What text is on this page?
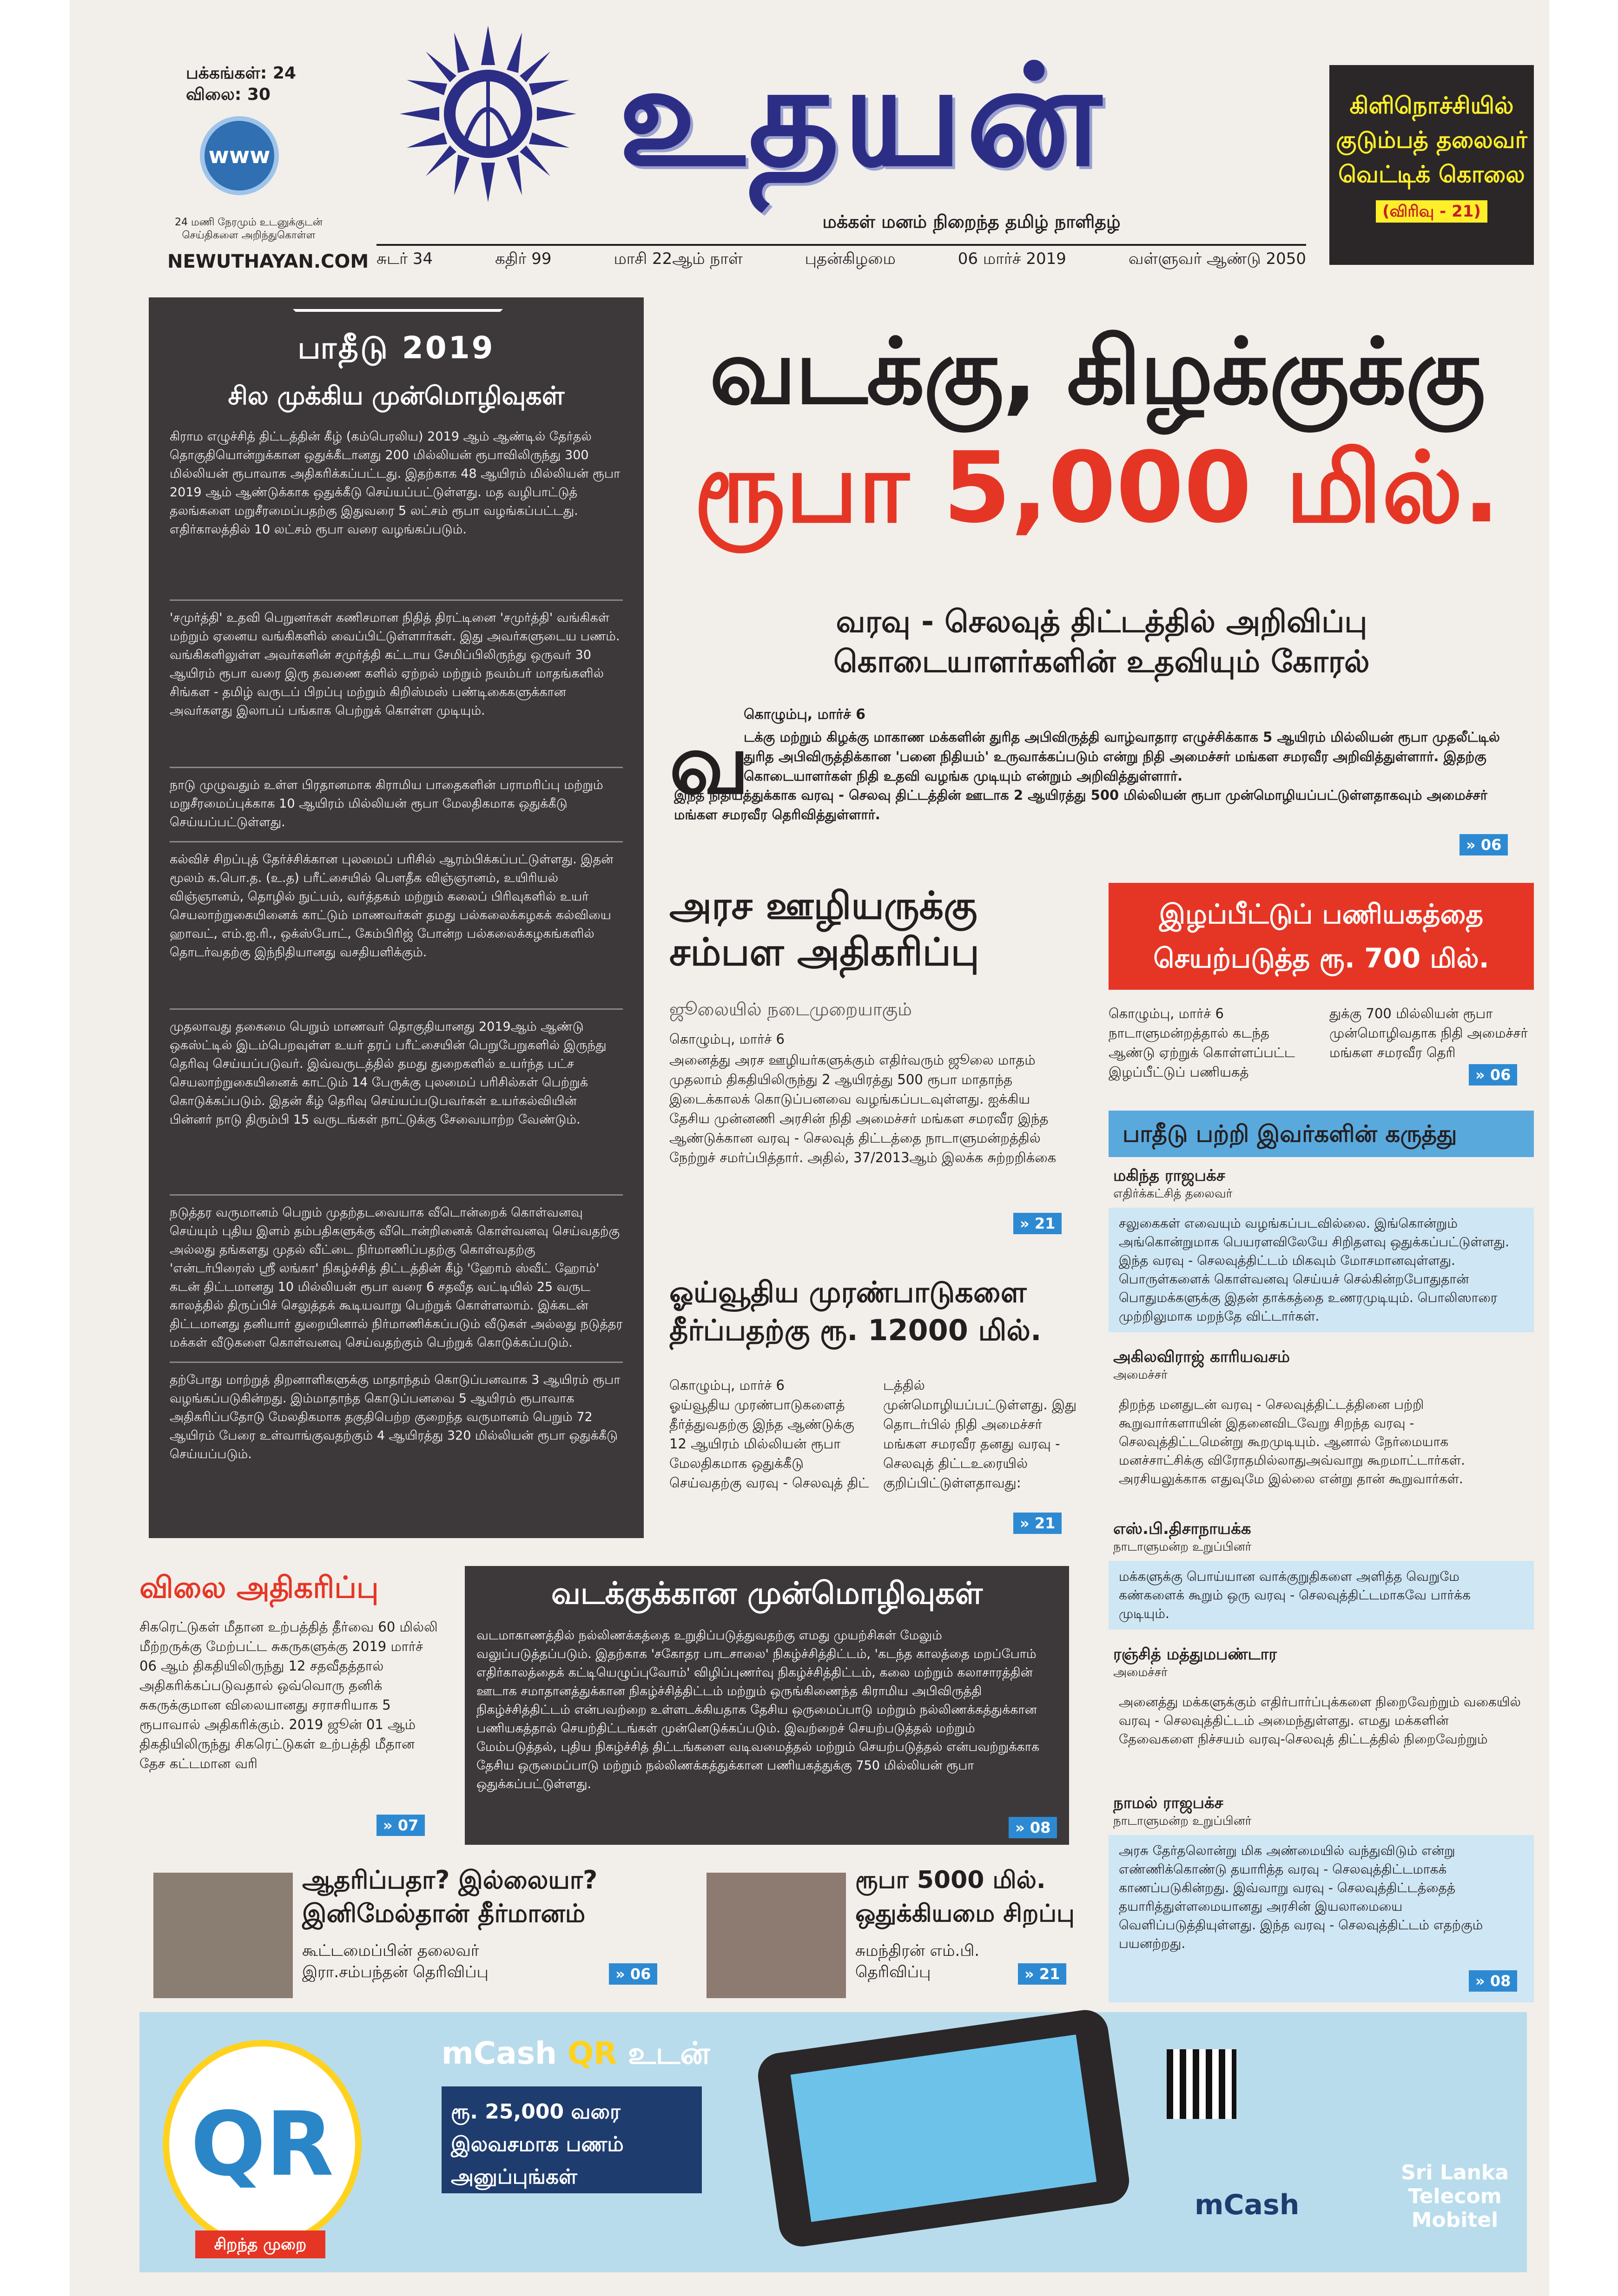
பக்கங்கள்: 24
விலை: 30
www
24 மணி நேரமும் உடனுக்குடன் செய்திகளை அறிந்துகொள்ள
NEWUTHAYAN.COM
உதயன்
மக்கள் மனம் நிறைந்த தமிழ் நாளிதழ்
சுடர் 34	கதிர் 99	மாசி 22ஆம் நாள்	புதன்கிழமை	06 மார்ச் 2019	வள்ளுவர் ஆண்டு 2050
கிளிநொச்சியில்
குடும்பத் தலைவர்
வெட்டிக் கொலை
(விரிவு - 21)
பாதீடு 2019
சில முக்கிய முன்மொழிவுகள்

கிராம எழுச்சித் திட்டத்தின் கீழ் (கம்பெரலிய) 2019 ஆம் ஆண்டில் தேர்தல் தொகுதியொன்றுக்கான ஒதுக்கீடானது 200 மில்லியன் ரூபாவிலிருந்து 300 மில்லியன் ரூபாவாக அதிகரிக்கப்பட்டது. இதற்காக 48 ஆயிரம் மில்லியன் ரூபா 2019 ஆம் ஆண்டுக்காக ஒதுக்கீடு செய்யப்பட்டுள்ளது. மத வழிபாட்டுத் தலங்களை மறுசீரமைப்பதற்கு இதுவரை 5 லட்சம் ரூபா வழங்கப்பட்டது. எதிர்காலத்தில் 10 லட்சம் ரூபா வரை வழங்கப்படும்.

'சமுர்த்தி' உதவி பெறுனர்கள் கணிசமான நிதித் திரட்டினை 'சமுர்த்தி' வங்கிகள் மற்றும் ஏனைய வங்கிகளில் வைப்பிட்டுள்ளார்கள். இது அவர்களுடைய பணம். வங்கிகளிலுள்ள அவர்களின் சமுர்த்தி கட்டாய சேமிப்பிலிருந்து ஒருவர் 30 ஆயிரம் ரூபா வரை இரு தவணை களில் ஏற்றல் மற்றும் நவம்பர் மாதங்களில் சிங்கள - தமிழ் வருடப் பிறப்பு மற்றும் கிறிஸ்மஸ் பண்டிகைகளுக்கான அவர்களது இலாபப் பங்காக பெற்றுக் கொள்ள முடியும்.

நாடு முழுவதும் உள்ள பிரதானமாக கிராமிய பாதைகளின் பராமரிப்பு மற்றும் மறுசீரமைப்புக்காக 10 ஆயிரம் மில்லியன் ரூபா மேலதிகமாக ஒதுக்கீடு செய்யப்பட்டுள்ளது.

கல்விச் சிறப்புத் தேர்ச்சிக்கான புலமைப் பரிசில் ஆரம்பிக்கப்பட்டுள்ளது. இதன் மூலம் க.பொ.த. (உ.த) பரீட்சையில் பௌதீக விஞ்ஞானம், உயிரியல் விஞ்ஞானம், தொழில் நுட்பம், வர்த்தகம் மற்றும் கலைப் பிரிவுகளில் உயர் செயலாற்றுகையினைக் காட்டும் மாணவர்கள் தமது பல்கலைக்கழகக் கல்வியை ஹாவட், எம்.ஐ.ரி., ஒக்ஸ்போட், கேம்பிரிஜ் போன்ற பல்கலைக்கழகங்களில் தொடர்வதற்கு இந்நிதியானது வசதியளிக்கும்.

முதலாவது தகைமை பெறும் மாணவர் தொகுதியானது 2019ஆம் ஆண்டு ஒகஸ்ட்டில் இடம்பெறவுள்ள உயர் தரப் பரீட்சையின் பெறுபேறுகளில் இருந்து தெரிவு செய்யப்படுவர். இவ்வருடத்தில் தமது துறைகளில் உயர்ந்த பட்ச செயலாற்றுகையினைக் காட்டும் 14 பேருக்கு புலமைப் பரிசில்கள் பெற்றுக் கொடுக்கப்படும். இதன் கீழ் தெரிவு செய்யப்படுபவர்கள் உயர்கல்வியின் பின்னர் நாடு திரும்பி 15 வருடங்கள் நாட்டுக்கு சேவையாற்ற வேண்டும்.

நடுத்தர வருமானம் பெறும் முதற்தடவையாக வீடொன்றைக் கொள்வனவு செய்யும் புதிய இளம் தம்பதிகளுக்கு வீடொன்றினைக் கொள்வனவு செய்வதற்கு அல்லது தங்களது முதல் வீட்டை நிர்மாணிப்பதற்கு கொள்வதற்கு 'என்டர்பிரைஸ் ஸ்ரீ லங்கா' நிகழ்ச்சித் திட்டத்தின் கீழ் 'ஹோம் ஸ்வீட் ஹோம்' கடன் திட்டமானது 10 மில்லியன் ரூபா வரை 6 சதவீத வட்டியில் 25 வருட காலத்தில் திருப்பிச் செலுத்தக் கூடியவாறு பெற்றுக் கொள்ளலாம். இக்கடன் திட்டமானது தனியார் துறையினால் நிர்மாணிக்கப்படும் வீடுகள் அல்லது நடுத்தர மக்கள் வீடுகளை கொள்வனவு செய்வதற்கும் பெற்றுக் கொடுக்கப்படும்.

தற்போது மாற்றுத் திறனாளிகளுக்கு மாதாந்தம் கொடுப்பனவாக 3 ஆயிரம் ரூபா வழங்கப்படுகின்றது. இம்மாதாந்த கொடுப்பனவை 5 ஆயிரம் ரூபாவாக அதிகரிப்பதோடு மேலதிகமாக தகுதிபெற்ற குறைந்த வருமானம் பெறும் 72 ஆயிரம் பேரை உள்வாங்குவதற்கும் 4 ஆயிரத்து 320 மில்லியன் ரூபா ஒதுக்கீடு செய்யப்படும்.

வடக்கு, கிழக்குக்கு
ரூபா 5,000 மில்.
வரவு - செலவுத் திட்டத்தில் அறிவிப்பு
கொடையாளர்களின் உதவியும் கோரல்
கொழும்பு, மார்ச் 6
வ
டக்கு மற்றும் கிழக்கு மாகாண மக்களின் துரித அபிவிருத்தி வாழ்வாதார எழுச்சிக்காக 5 ஆயிரம் மில்லியன் ரூபா முதலீட்டில் துரித அபிவிருத்திக்கான 'பனை நிதியம்' உருவாக்கப்படும் என்று நிதி அமைச்சர் மங்கள சமரவீர அறிவித்துள்ளார். இதற்கு கொடையாளர்கள் நிதி உதவி வழங்க முடியும் என்றும் அறிவித்துள்ளார்.
இந்த நிதியத்துக்காக வரவு - செலவு திட்டத்தின் ஊடாக 2 ஆயிரத்து 500 மில்லியன் ரூபா முன்மொழியப்பட்டுள்ளதாகவும் அமைச்சர் மங்கள சமரவீர தெரிவித்துள்ளார்.
» 06
அரச ஊழியருக்கு
சம்பள அதிகரிப்பு
ஜூலையில் நடைமுறையாகும்
கொழும்பு, மார்ச் 6
அனைத்து அரச ஊழியர்களுக்கும் எதிர்வரும் ஜூலை மாதம் முதலாம் திகதியிலிருந்து 2 ஆயிரத்து 500 ரூபா மாதாந்த இடைக்காலக் கொடுப்பனவை வழங்கப்படவுள்ளது. ஐக்கிய தேசிய முன்னணி அரசின் நிதி அமைச்சர் மங்கள சமரவீர இந்த ஆண்டுக்கான வரவு - செலவுத் திட்டத்தை நாடாளுமன்றத்தில் நேற்றுச் சமர்ப்பித்தார். அதில், 37/2013ஆம் இலக்க சுற்றறிக்கை
» 21
ஓய்வூதிய முரண்பாடுகளை
தீர்ப்பதற்கு ரூ. 12000 மில்.
கொழும்பு, மார்ச் 6
ஓய்வூதிய முரண்பாடுகளைத் தீர்த்துவதற்கு இந்த ஆண்டுக்கு 12 ஆயிரம் மில்லியன் ரூபா மேலதிகமாக ஒதுக்கீடு செய்வதற்கு வரவு - செலவுத் திட்
டத்தில் முன்மொழியப்பட்டுள்ளது. இது தொடர்பில் நிதி அமைச்சர் மங்கள சமரவீர தனது வரவு - செலவுத் திட்டஉரையில் குறிப்பிட்டுள்ளதாவது:
» 21
இழப்பீட்டுப் பணியகத்தை
செயற்படுத்த ரூ. 700 மில்.
கொழும்பு, மார்ச் 6 நாடாளுமன்றத்தால் கடந்த ஆண்டு ஏற்றுக் கொள்ளப்பட்ட இழப்பீட்டுப் பணியகத்
துக்கு 700 மில்லியன் ரூபா முன்மொழிவதாக நிதி அமைச்சர் மங்கள சமரவீர தெரி
» 06
பாதீடு பற்றி இவர்களின் கருத்து
மகிந்த ராஜபக்ச
எதிர்க்கட்சித் தலைவர்
சலுகைகள் எவையும் வழங்கப்படவில்லை. இங்கொன்றும் அங்கொன்றுமாக பெயரளவிலேயே சிறிதளவு ஒதுக்கப்பட்டுள்ளது. இந்த வரவு - செலவுத்திட்டம் மிகவும் மோசமானவுள்ளது. பொருள்களைக் கொள்வனவு செய்யச் செல்கின்றபோதுதான் பொதுமக்களுக்கு இதன் தாக்கத்தை உணரமுடியும். பொலிஸாரை முற்றிலுமாக மறந்தே விட்டார்கள்.
அகிலவிராஜ் காரியவசம்
அமைச்சர்
திறந்த மனதுடன் வரவு - செலவுத்திட்டத்தினை பற்றி கூறுவார்களாயின் இதனைவிடவேறு சிறந்த வரவு - செலவுத்திட்டமென்று கூறமுடியும். ஆனால் நேர்மையாக மனச்சாட்சிக்கு விரோதமில்லாதுஅவ்வாறு கூறமாட்டார்கள். அரசியலுக்காக எதுவுமே இல்லை என்று தான் கூறுவார்கள்.
எஸ்.பி.திசாநாயக்க
நாடாளுமன்ற உறுப்பினர்
மக்களுக்கு பொய்யான வாக்குறுதிகளை அளித்த வெறுமே கண்களைக் கூறும் ஒரு வரவு - செலவுத்திட்டமாகவே பார்க்க முடியும்.
ரஞ்சித் மத்துமபண்டார
அமைச்சர்
அனைத்து மக்களுக்கும் எதிர்பார்ப்புக்களை நிறைவேற்றும் வகையில் வரவு - செலவுத்திட்டம் அமைந்துள்ளது. எமது மக்களின் தேவைகளை நிச்சயம் வரவு-செலவுத் திட்டத்தில் நிறைவேற்றும்
நாமல் ராஜபக்ச
நாடாளுமன்ற உறுப்பினர்
அரசு தேர்தலொன்று மிக அண்மையில் வந்துவிடும் என்று எண்ணிக்கொண்டு தயாரித்த வரவு - செலவுத்திட்டமாகக் காணப்படுகின்றது. இவ்வாறு வரவு - செலவுத்திட்டத்தைத் தயாரித்துள்ளமையானது அரசின் இயலாமையை வெளிப்படுத்தியுள்ளது. இந்த வரவு - செலவுத்திட்டம் எதற்கும் பயனற்றது.
» 08
விலை அதிகரிப்பு
சிகரெட்டுகள் மீதான உற்பத்தித் தீர்வை 60 மில்லி மீற்றருக்கு மேற்பட்ட சுகருகளுக்கு 2019 மார்ச் 06 ஆம் திகதியிலிருந்து 12 சதவீதத்தால் அதிகரிக்கப்படுவதால் ஒவ்வொரு தனிக் சுகருக்குமான விலையானது சராசரியாக 5 ரூபாவால் அதிகரிக்கும். 2019 ஜூன் 01 ஆம் திகதியிலிருந்து சிகரெட்டுகள் உற்பத்தி மீதான தேச கட்டமான வரி
» 07
வடக்குக்கான முன்மொழிவுகள்
வடமாகாணத்தில் நல்லிணக்கத்தை உறுதிப்படுத்துவதற்கு எமது முயற்சிகள் மேலும் வலுப்படுத்தப்படும். இதற்காக 'சகோதர பாடசாலை' நிகழ்ச்சித்திட்டம், 'கடந்த காலத்தை மறப்போம் எதிர்காலத்தைக் கட்டியெழுப்புவோம்' விழிப்புணர்வு நிகழ்ச்சித்திட்டம், கலை மற்றும் கலாசாரத்தின் ஊடாக சமாதானத்துக்கான நிகழ்ச்சித்திட்டம் மற்றும் ஒருங்கிணைந்த கிராமிய அபிவிருத்தி நிகழ்ச்சித்திட்டம் என்பவற்றை உள்ளடக்கியதாக தேசிய ஒருமைப்பாடு மற்றும் நல்லிணக்கத்துக்கான பணியகத்தால் செயற்திட்டங்கள் முன்னெடுக்கப்படும். இவற்றைச் செயற்படுத்தல் மற்றும் மேம்படுத்தல், புதிய நிகழ்ச்சித் திட்டங்களை வடிவமைத்தல் மற்றும் செயற்படுத்தல் என்பவற்றுக்காக தேசிய ஒருமைப்பாடு மற்றும் நல்லிணக்கத்துக்கான பணியகத்துக்கு 750 மில்லியன் ரூபா ஒதுக்கப்பட்டுள்ளது.
» 08
ஆதரிப்பதா? இல்லையா?
இனிமேல்தான் தீர்மானம்
கூட்டமைப்பின் தலைவர்
இரா.சம்பந்தன் தெரிவிப்பு	» 06
ரூபா 5000 மில்.
ஒதுக்கியமை சிறப்பு
சுமந்திரன் எம்.பி.
தெரிவிப்பு	» 21
QR
சிறந்த முறை
mCash QR உடன்
ரூ. 25,000 வரை
இலவசமாக பணம்
அனுப்புங்கள்
mCash
Sri Lanka Telecom Mobitel
